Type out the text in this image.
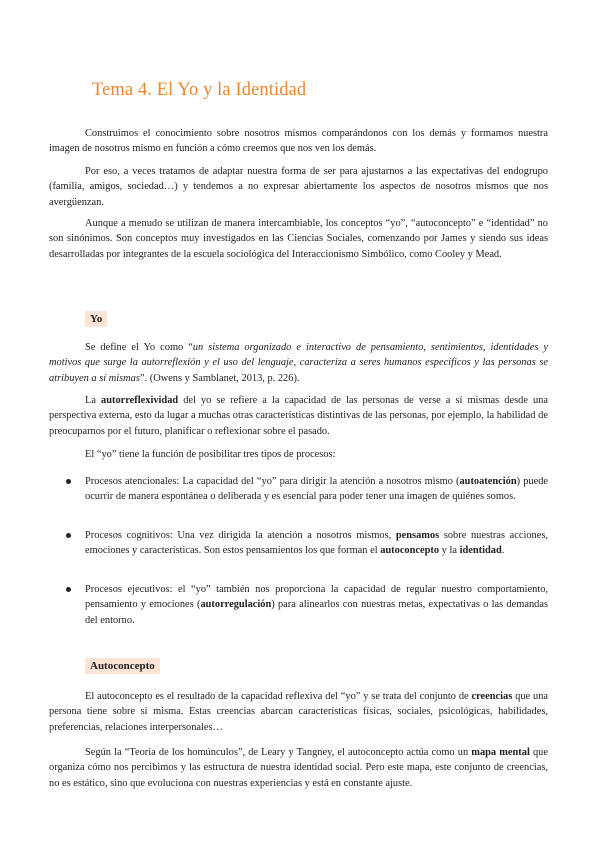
Tema 4. El Yo y la Identidad

Construimos el conocimiento sobre nosotros mismos comparándonos con los demás y formamos nuestra imagen de nosotros mismo en función a cómo creemos que nos ven los demás.

Por eso, a veces tratamos de adaptar nuestra forma de ser para ajustarnos a las expectativas del endogrupo (familia, amigos, sociedad…) y tendemos a no expresar abiertamente los aspectos de nosotros mismos que nos avergüenzan.

Aunque a menudo se utilizan de manera intercambiable, los conceptos “yo”, “autoconcepto” e “identidad” no son sinónimos. Son conceptos muy investigados en las Ciencias Sociales, comenzando por James y siendo sus ideas desarrolladas por integrantes de la escuela sociológica del Interaccionismo Simbólico, como Cooley y Mead.

Yo

Se define el Yo como “un sistema organizado e interactivo de pensamiento, sentimientos, identidades y motivos que surge la autorreflexión y el uso del lenguaje, caracteriza a seres humanos específicos y las personas se atribuyen a sí mismas”. (Owens y Samblanet, 2013, p. 226).

La autorreflexividad del yo se refiere a la capacidad de las personas de verse a sí mismas desde una perspectiva externa, esto da lugar a muchas otras características distintivas de las personas, por ejemplo, la habilidad de preocuparnos por el futuro, planificar o reflexionar sobre el pasado.

El “yo” tiene la función de posibilitar tres tipos de procesos:

Procesos atencionales: La capacidad del “yo” para dirigir la atención a nosotros mismo (autoatención) puede ocurrir de manera espontánea o deliberada y es esencial para poder tener una imagen de quiénes somos.
Procesos cognitivos: Una vez dirigida la atención a nosotros mismos, pensamos sobre nuestras acciones, emociones y características. Son estos pensamientos los que forman el autoconcepto y la identidad.
Procesos ejecutivos: el “yo” también nos proporciona la capacidad de regular nuestro comportamiento, pensamiento y emociones (autorregulación) para alinearlos con nuestras metas, expectativas o las demandas del entorno.
Autoconcepto

El autoconcepto es el resultado de la capacidad reflexiva del “yo” y se trata del conjunto de creencias que una persona tiene sobre sí misma. Estas creencias abarcan características físicas, sociales, psicológicas, habilidades, preferencias, relaciones interpersonales…

Según la “Teoría de los homúnculos”, de Leary y Tangney, el autoconcepto actúa como un mapa mental que organiza cómo nos percibimos y las estructura de nuestra identidad social. Pero este mapa, este conjunto de creencias, no es estático, sino que evoluciona con nuestras experiencias y está en constante ajuste.
